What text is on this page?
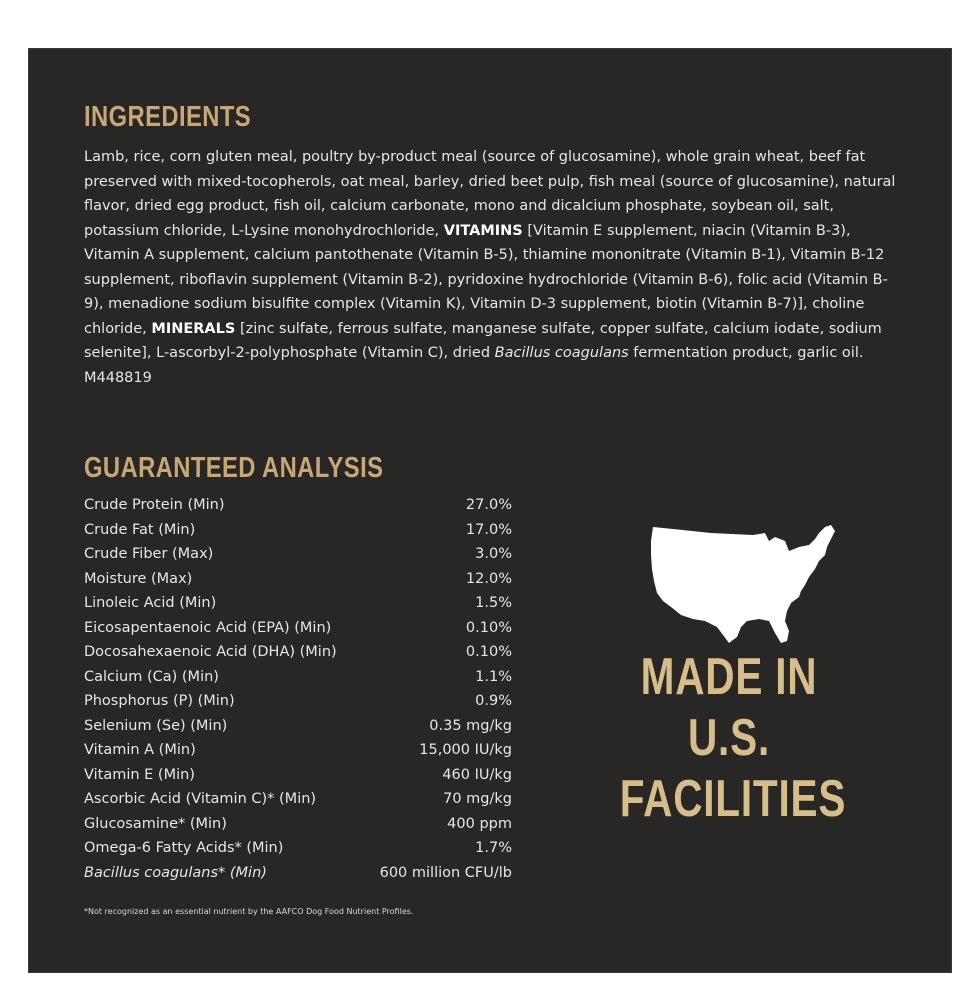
INGREDIENTS

Lamb, rice, corn gluten meal, poultry by-product meal (source of glucosamine), whole grain wheat, beef fat preserved with mixed-tocopherols, oat meal, barley, dried beet pulp, fish meal (source of glucosamine), natural flavor, dried egg product, fish oil, calcium carbonate, mono and dicalcium phosphate, soybean oil, salt, potassium chloride, L-Lysine monohydrochloride, VITAMINS [Vitamin E supplement, niacin (Vitamin B-3), Vitamin A supplement, calcium pantothenate (Vitamin B-5), thiamine mononitrate (Vitamin B-1), Vitamin B-12 supplement, riboflavin supplement (Vitamin B-2), pyridoxine hydrochloride (Vitamin B-6), folic acid (Vitamin B-9), menadione sodium bisulfite complex (Vitamin K), Vitamin D-3 supplement, biotin (Vitamin B-7)], choline chloride, MINERALS [zinc sulfate, ferrous sulfate, manganese sulfate, copper sulfate, calcium iodate, sodium selenite], L-ascorbyl-2-polyphosphate (Vitamin C), dried Bacillus coagulans fermentation product, garlic oil. M448819

GUARANTEED ANALYSIS
Crude Protein (Min)	27.0%
Crude Fat (Min)	17.0%
Crude Fiber (Max)	3.0%
Moisture (Max)	12.0%
Linoleic Acid (Min)	1.5%
Eicosapentaenoic Acid (EPA) (Min)	0.10%
Docosahexaenoic Acid (DHA) (Min)	0.10%
Calcium (Ca) (Min)	1.1%
Phosphorus (P) (Min)	0.9%
Selenium (Se) (Min)	0.35 mg/kg
Vitamin A (Min)	15,000 IU/kg
Vitamin E (Min)	460 IU/kg
Ascorbic Acid (Vitamin C)* (Min)	70 mg/kg
Glucosamine* (Min)	400 ppm
Omega-6 Fatty Acids* (Min)	1.7%
Bacillus coagulans* (Min)	600 million CFU/lb

*Not recognized as an essential nutrient by the AAFCO Dog Food Nutrient Profiles.

MADE IN
U.S.
FACILITIES
